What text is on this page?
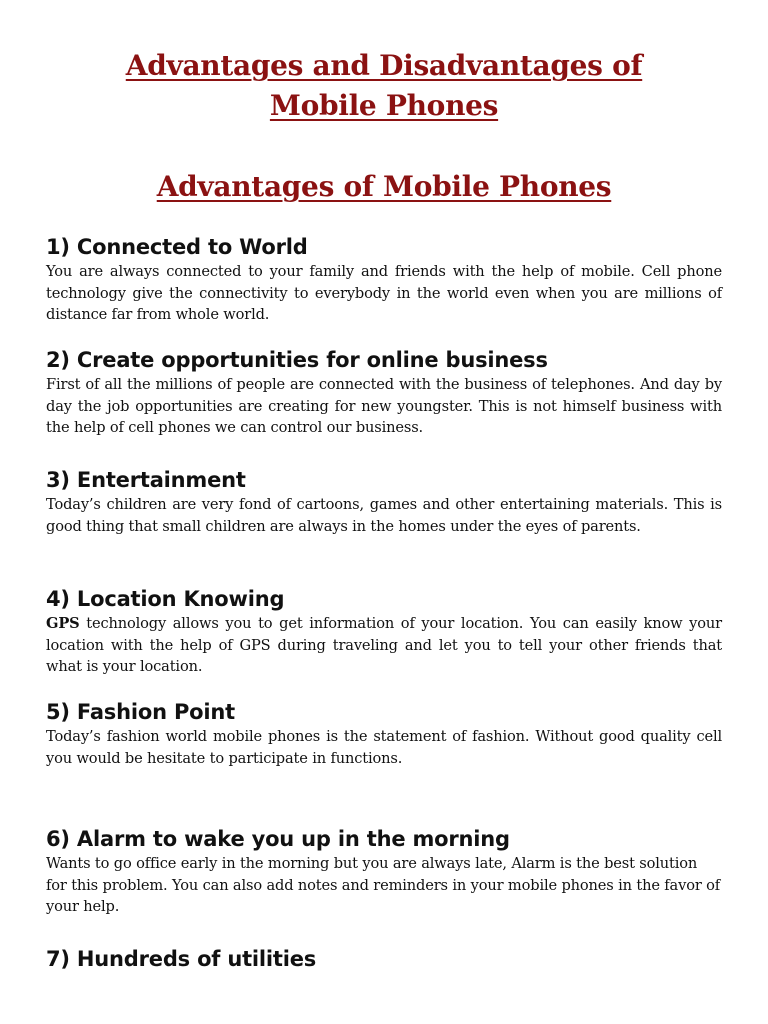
Advantages and Disadvantages of
Mobile Phones
Advantages of Mobile Phones
1) Connected to World

You are always connected to your family and friends with the help of mobile. Cell phone technology give the connectivity to everybody in the world even when you are millions of distance far from whole world.

2) Create opportunities for online business

First of all the millions of people are connected with the business of telephones. And day by day the job opportunities are creating for new youngster. This is not himself business with the help of cell phones we can control our business.

3) Entertainment

Today’s children are very fond of cartoons, games and other entertaining materials. This is good thing that small children are always in the homes under the eyes of parents.

4) Location Knowing

GPS technology allows you to get information of your location. You can easily know your location with the help of GPS during traveling and let you to tell your other friends that what is your location.

5) Fashion Point

Today’s fashion world mobile phones is the statement of fashion. Without good quality cell you would be hesitate to participate in functions.

6) Alarm to wake you up in the morning

Wants to go office early in the morning but you are always late, Alarm is the best solution for this problem. You can also add notes and reminders in your mobile phones in the favor of your help.

7) Hundreds of utilities
